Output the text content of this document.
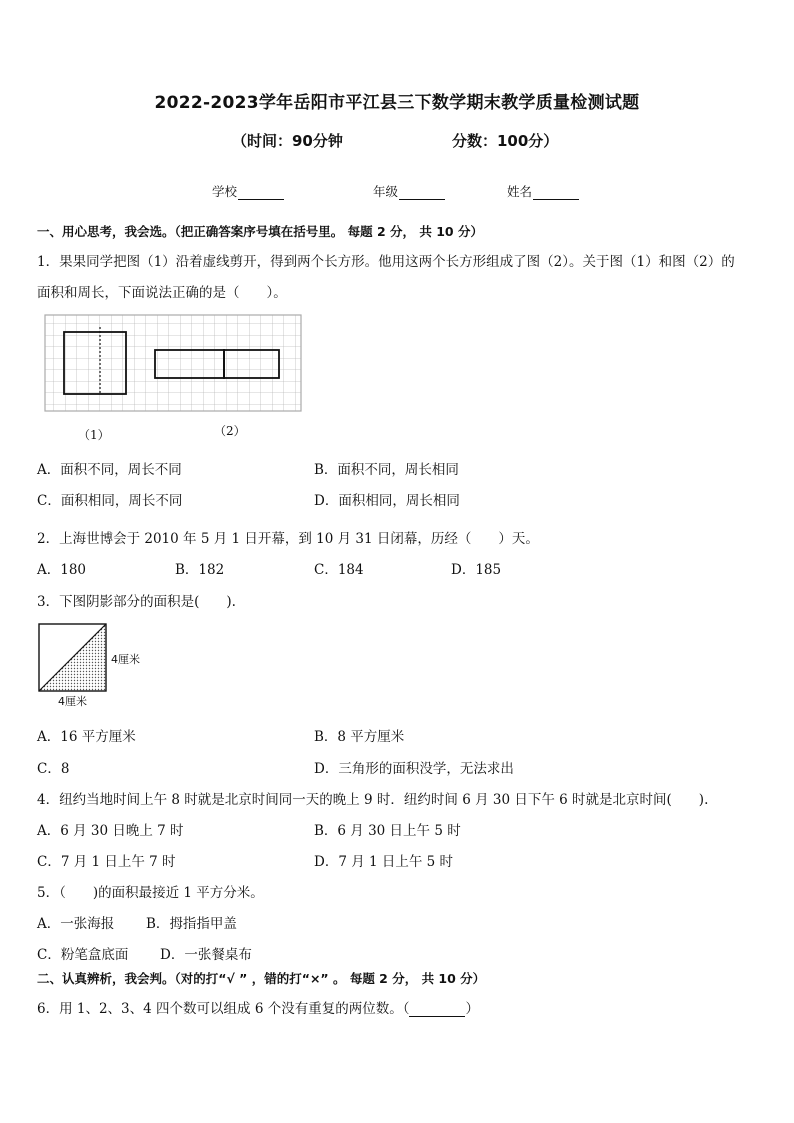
2022-2023学年岳阳市平江县三下数学期末教学质量检测试题
（时间：90分钟	分数：100分）
学校	年级	姓名
一、用心思考，我会选。（把正确答案序号填在括号里。 每题 2 分， 共 10 分）
1．果果同学把图（1）沿着虚线剪开，得到两个长方形。他用这两个长方形组成了图（2）。关于图（1）和图（2）的
面积和周长，下面说法正确的是（　　）。
（1）	（2）
A．面积不同，周长不同	B．面积不同，周长相同
C．面积相同，周长不同	D．面积相同，周长相同
2．上海世博会于 2010 年 5 月 1 日开幕，到 10 月 31 日闭幕，历经（　　）天。
A．180	B．182	C．184	D．185
3．下图阴影部分的面积是(　　).
4厘米
4厘米
A．16 平方厘米	B．8 平方厘米
C．8	D．三角形的面积没学，无法求出
4．纽约当地时间上午 8 时就是北京时间同一天的晚上 9 时．纽约时间 6 月 30 日下午 6 时就是北京时间(　　).
A．6 月 30 日晚上 7 时	B．6 月 30 日上午 5 时
C．7 月 1 日上午 7 时	D．7 月 1 日上午 5 时
5．（　　)的面积最接近 1 平方分米。
A．一张海报 B．拇指指甲盖
C．粉笔盒底面 D．一张餐桌布
二、认真辨析，我会判。（对的打“√ ” ，错的打“×” 。 每题 2 分， 共 10 分）
6．用 1、2、3、4 四个数可以组成 6 个没有重复的两位数。（	）
